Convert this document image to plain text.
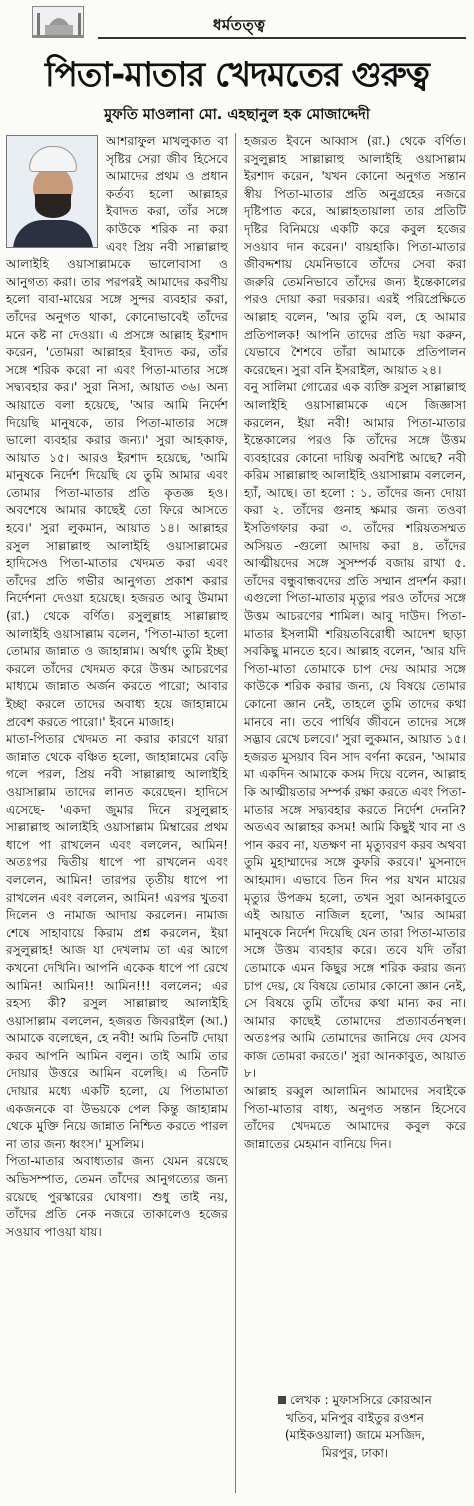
ধর্মতত্ত্ব
পিতা-মাতার খেদমতের গুরুত্ব
মুফতি মাওলানা মো. এহছানুল হক মোজাদ্দেদী

আশরাফুল মাখলুকাত বা সৃষ্টির সেরা জীব হিসেবে আমাদের প্রথম ও প্রধান কর্তব্য হলো আল্লাহর ইবাদত করা, তাঁর সঙ্গে কাউকে শরিক না করা এবং প্রিয় নবী সাল্লাল্লাহু আলাইহি ওয়াসাল্লামকে ভালোবাসা ও আনুগত্য করা। তার পরপরই আমাদের করণীয় হলো বাবা-মায়ের সঙ্গে সুন্দর ব্যবহার করা, তাঁদের অনুগত থাকা, কোনোভাবেই তাঁদের মনে কষ্ট না দেওয়া। এ প্রসঙ্গে আল্লাহ ইরশাদ করেন, 'তোমরা আল্লাহর ইবাদত কর, তাঁর সঙ্গে শরিক করো না এবং পিতা-মাতার সঙ্গে সদ্ব্যবহার কর।' সুরা নিসা, আয়াত ৩৬। অন্য আয়াতে বলা হয়েছে, 'আর আমি নির্দেশ দিয়েছি মানুষকে, তার পিতা-মাতার সঙ্গে ভালো ব্যবহার করার জন্য।' সুরা আহকাফ, আয়াত ১৫। আরও ইরশাদ হয়েছে, 'আমি মানুষকে নির্দেশ দিয়েছি যে তুমি আমার এবং তোমার পিতা-মাতার প্রতি কৃতজ্ঞ হও। অবশেষে আমার কাছেই তো ফিরে আসতে হবে।' সুরা লুকমান, আয়াত ১৪। আল্লাহর রসুল সাল্লাল্লাহু আলাইহি ওয়াসাল্লামের হাদিসেও পিতা-মাতার খেদমত করা এবং তাঁদের প্রতি গভীর আনুগত্য প্রকাশ করার নির্দেশনা দেওয়া হয়েছে। হজরত আবু উমামা (রা.) থেকে বর্ণিত। রসুলুল্লাহ সাল্লাল্লাহু আলাইহি ওয়াসাল্লাম বলেন, 'পিতা-মাতা হলো তোমার জান্নাত ও জাহান্নাম। অর্থাৎ তুমি ইচ্ছা করলে তাঁদের খেদমত করে উত্তম আচরণের মাধ্যমে জান্নাত অর্জন করতে পারো; আবার ইচ্ছা করলে তাদের অবাধ্য হয়ে জাহান্নামে প্রবেশ করতে পারো।' ইবনে মাজাহ।

মাতা-পিতার খেদমত না করার কারণে যারা জান্নাত থেকে বঞ্চিত হলো, জাহান্নামের বেড়ি গলে পরল, প্রিয় নবী সাল্লাল্লাহু আলাইহি ওয়াসাল্লাম তাদের লানত করেছেন। হাদিসে এসেছে- 'একদা জুমার দিনে রসুলুল্লাহ সাল্লাল্লাহু আলাইহি ওয়াসাল্লাম মিম্বারের প্রথম ধাপে পা রাখলেন এবং বললেন, আমিন! অতঃপর দ্বিতীয় ধাপে পা রাখলেন এবং বললেন, আমিন! তারপর তৃতীয় ধাপে পা রাখলেন এবং বললেন, আমিন! এরপর খুতবা দিলেন ও নামাজ আদায় করলেন। নামাজ শেষে সাহাবায়ে কিরাম প্রশ্ন করলেন, ইয়া রসুলুল্লাহ! আজ যা দেখলাম তা এর আগে কখনো দেখিনি। আপনি একেক ধাপে পা রেখে আমিন! আমিন!! আমিন!!! বললেন; এর রহস্য কী? রসুল সাল্লাল্লাহু আলাইহি ওয়াসাল্লাম বললেন, হজরত জিবরাইল (আ.) আমাকে বলেছেন, হে নবী! আমি তিনটি দোয়া করব আপনি আমিন বলুন। তাই আমি তার দোয়ার উত্তরে আমিন বলেছি। এ তিনটি দোয়ার মধ্যে একটি হলো, যে পিতামাতা একজনকে বা উভয়কে পেল কিন্তু জাহান্নাম থেকে মুক্তি নিয়ে জান্নাত নিশ্চিত করতে পারল না তার জন্য ধ্বংস।' মুসলিম।

পিতা-মাতার অবাধ্যতার জন্য যেমন রয়েছে অভিসম্পাত, তেমন তাঁদের আনুগত্যের জন্য রয়েছে পুরস্কারের ঘোষণা। শুধু তাই নয়, তাঁদের প্রতি নেক নজরে তাকালেও হজের সওয়াব পাওয়া যায়।

হজরত ইবনে আব্বাস (রা.) থেকে বর্ণিত। রসুলুল্লাহ সাল্লাল্লাহু আলাইহি ওয়াসাল্লাম ইরশাদ করেন, 'যখন কোনো অনুগত সন্তান স্বীয় পিতা-মাতার প্রতি অনুগ্রহের নজরে দৃষ্টিপাত করে, আল্লাহতায়ালা তার প্রতিটি দৃষ্টির বিনিময়ে একটি করে কবুল হজের সওয়াব দান করেন।' বায়হাকি। পিতা-মাতার জীবদ্দশায় যেমনিভাবে তাঁদের সেবা করা জরুরি তেমনিভাবে তাঁদের জন্য ইন্তেকালের পরও দোয়া করা দরকার। এরই পরিপ্রেক্ষিতে আল্লাহ বলেন, 'আর তুমি বল, হে আমার প্রতিপালক! আপনি তাদের প্রতি দয়া করুন, যেভাবে শৈশবে তাঁরা আমাকে প্রতিপালন করেছেন। সুরা বনি ইসরাইল, আয়াত ২৪।

বনু সালিমা গোত্রের এক ব্যক্তি রসুল সাল্লাল্লাহু আলাইহি ওয়াসাল্লামকে এসে জিজ্ঞাসা করলেন, ইয়া নবী! আমার পিতা-মাতার ইন্তেকালের পরও কি তাঁদের সঙ্গে উত্তম ব্যবহারের কোনো দায়িত্ব অবশিষ্ট আছে? নবী করিম সাল্লাল্লাহু আলাইহি ওয়াসাল্লাম বললেন, হ্যাঁ, আছে। তা হলো : ১. তাঁদের জন্য দোয়া করা ২. তাঁদের গুনাহ ক্ষমার জন্য তওবা ইসতিগফার করা ৩. তাঁদের শরিয়তসম্মত অসিয়ত -গুলো আদায় করা ৪. তাঁদের আত্মীয়দের সঙ্গে সুসম্পর্ক বজায় রাখা ৫. তাঁদের বন্ধুবান্ধবদের প্রতি সম্মান প্রদর্শন করা। এগুলো পিতা-মাতার মৃত্যুর পরও তাঁদের সঙ্গে উত্তম আচরণের শামিল। আবু দাউদ। পিতা-মাতার ইসলামী শরিয়তবিরোধী আদেশ ছাড়া সবকিছু মানতে হবে। আল্লাহ বলেন, 'আর যদি পিতা-মাতা তোমাকে চাপ দেয় আমার সঙ্গে কাউকে শরিক করার জন্য, যে বিষয়ে তোমার কোনো জ্ঞান নেই, তাহলে তুমি তাদের কথা মানবে না। তবে পার্থিব জীবনে তাদের সঙ্গে সদ্ভাব রেখে চলবে।' সুরা লুকমান, আয়াত ১৫। হজরত মুসয়াব বিন সাদ বর্ণনা করেন, 'আমার মা একদিন আমাকে কসম দিয়ে বলেন, আল্লাহ কি আত্মীয়তার সম্পর্ক রক্ষা করতে এবং পিতা-মাতার সঙ্গে সদ্ব্যবহার করতে নির্দেশ দেননি? অতএব আল্লাহর কসম! আমি কিছুই খাব না ও পান করব না, যতক্ষণ না মৃত্যুবরণ করব অথবা তুমি মুহাম্মাদের সঙ্গে কুফরি করবে।' মুসনাদে আহমাদ। এভাবে তিন দিন পর যখন মায়ের মৃত্যুর উপক্রম হলো, তখন সুরা আনকাবুতে এই আয়াত নাজিল হলো, 'আর আমরা মানুষকে নির্দেশ দিয়েছি যেন তারা পিতা-মাতার সঙ্গে উত্তম ব্যবহার করে। তবে যদি তাঁরা তোমাকে এমন কিছুর সঙ্গে শরিক করার জন্য চাপ দেয়, যে বিষয়ে তোমার কোনো জ্ঞান নেই, সে বিষয়ে তুমি তাঁদের কথা মান্য কর না। আমার কাছেই তোমাদের প্রত্যাবর্তনস্থল। অতঃপর আমি তোমাদের জানিয়ে দেব যেসব কাজ তোমরা করতে।' সুরা আনকাবুত, আয়াত ৮।

আল্লাহ রব্বুল আলামিন আমাদের সবাইকে পিতা-মাতার বাধ্য, অনুগত সন্তান হিসেবে তাঁদের খেদমতে আমাদের কবুল করে জান্নাতের মেহমান বানিয়ে দিন।

লেখক : মুফাসসিরে কোরআন
খতিব, মনিপুর বাইতুর রওশন
(মাইকওয়ালা) জামে মসজিদ,
মিরপুর, ঢাকা।
